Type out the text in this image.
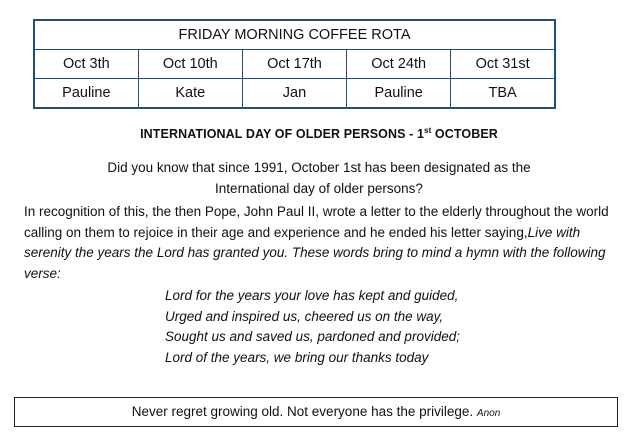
FRIDAY MORNING COFFEE ROTA				
Oct 3th	Oct 10th	Oct 17th	Oct 24th	Oct 31st
Pauline	Kate	Jan	Pauline	TBA
INTERNATIONAL DAY OF OLDER PERSONS - 1st OCTOBER
Did you know that since 1991, October 1st has been designated as the
International day of older persons?
In recognition of this, the then Pope, John Paul II, wrote a letter to the elderly throughout the world calling on them to rejoice in their age and experience and he ended his letter saying,Live with serenity the years the Lord has granted you. These words bring to mind a hymn with the following verse:
Lord for the years your love has kept and guided,
Urged and inspired us, cheered us on the way,
Sought us and saved us, pardoned and provided;
Lord of the years, we bring our thanks today
Never regret growing old. Not everyone has the privilege. Anon
